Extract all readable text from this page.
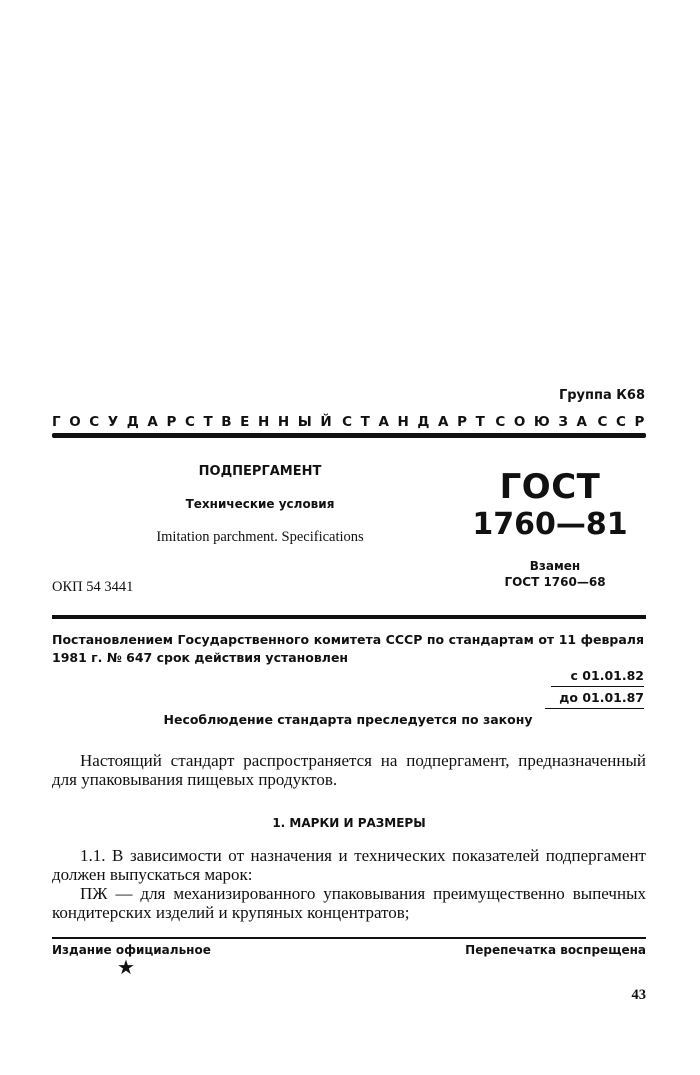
Группа К68
ГОСУДАРСТВЕННЫЙ СТАНДАРТ СОЮЗА ССР
ПОДПЕРГАМЕНТ
Технические условия
Imitation parchment. Specifications
ОКП 54 3441
ГОСТ
1760—81
Взамен
ГОСТ 1760—68
Постановлением Государственного комитета СССР по стандартам от 11 февраля 1981 г. № 647 срок действия установлен
с 01.01.82
до 01.01.87
Несоблюдение стандарта преследуется по закону
Настоящий стандарт распространяется на подпергамент, предназначенный для упаковывания пищевых продуктов.
1. МАРКИ И РАЗМЕРЫ
1.1. В зависимости от назначения и технических показателей подпергамент должен выпускаться марок:
ПЖ — для механизированного упаковывания преимущественно выпечных кондитерских изделий и крупяных концентратов;
Издание официальное
★
Перепечатка воспрещена
43
